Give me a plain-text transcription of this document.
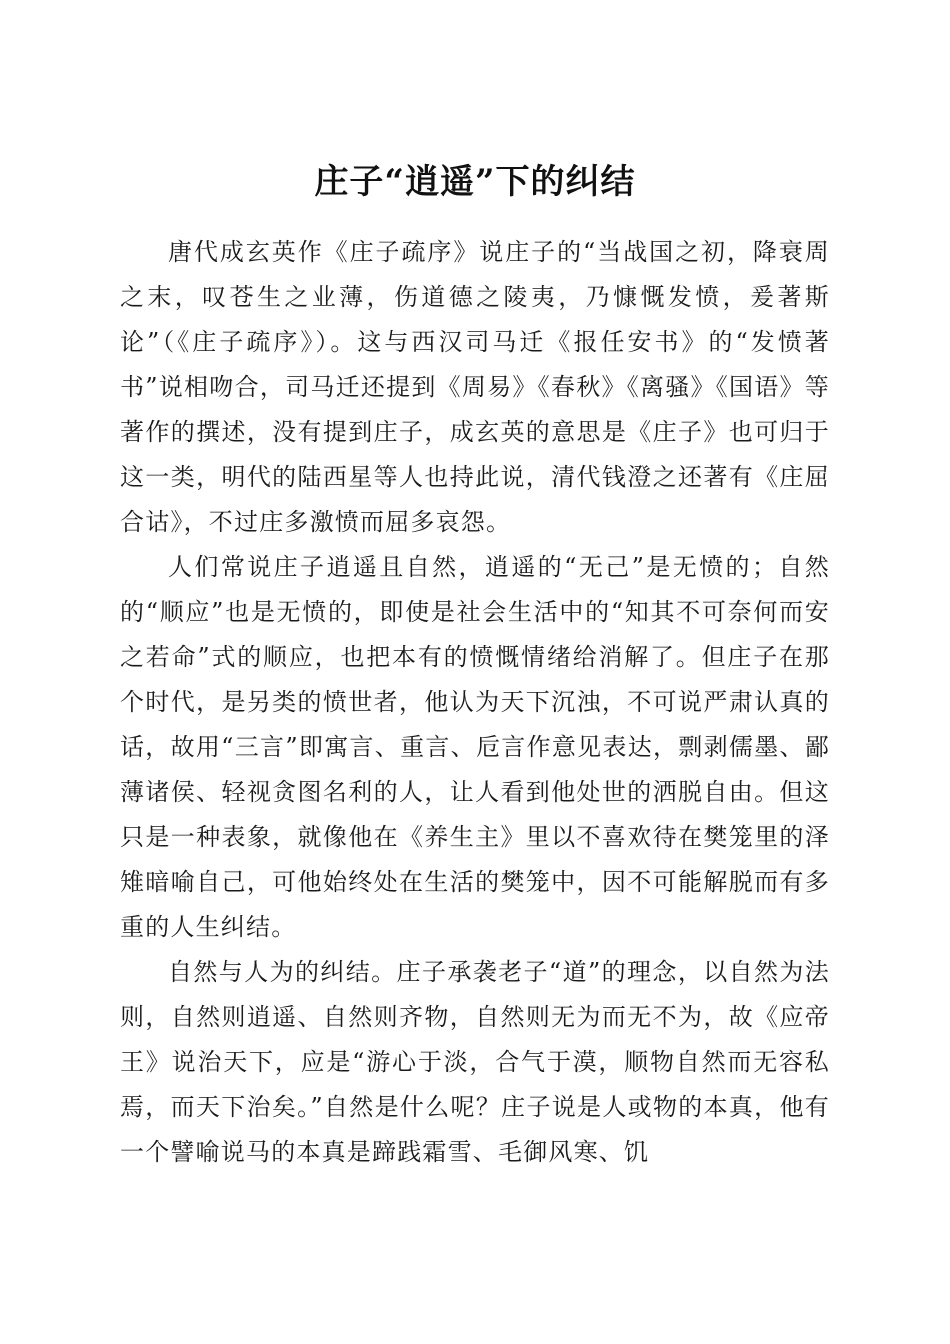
庄子“逍遥”下的纠结

唐代成玄英作《庄子疏序》说庄子的“当战国之初，降衰周之末，叹苍生之业薄，伤道德之陵夷，乃慷慨发愤，爰著斯论”（《庄子疏序》）。这与西汉司马迁《报任安书》的“发愤著书”说相吻合，司马迁还提到《周易》《春秋》《离骚》《国语》等著作的撰述，没有提到庄子，成玄英的意思是《庄子》也可归于这一类，明代的陆西星等人也持此说，清代钱澄之还著有《庄屈合诂》，不过庄多激愤而屈多哀怨。

人们常说庄子逍遥且自然，逍遥的“无己”是无愤的；自然的“顺应”也是无愤的，即使是社会生活中的“知其不可奈何而安之若命”式的顺应，也把本有的愤慨情绪给消解了。但庄子在那个时代，是另类的愤世者，他认为天下沉浊，不可说严肃认真的话，故用“三言”即寓言、重言、卮言作意见表达，剽剥儒墨、鄙薄诸侯、轻视贪图名利的人，让人看到他处世的洒脱自由。但这只是一种表象，就像他在《养生主》里以不喜欢待在樊笼里的泽雉暗喻自己，可他始终处在生活的樊笼中，因不可能解脱而有多重的人生纠结。

自然与人为的纠结。庄子承袭老子“道”的理念，以自然为法则，自然则逍遥、自然则齐物，自然则无为而无不为，故《应帝王》说治天下，应是“游心于淡，合气于漠，顺物自然而无容私焉，而天下治矣。”自然是什么呢？庄子说是人或物的本真，他有一个譬喻说马的本真是蹄践霜雪、毛御风寒、饥
